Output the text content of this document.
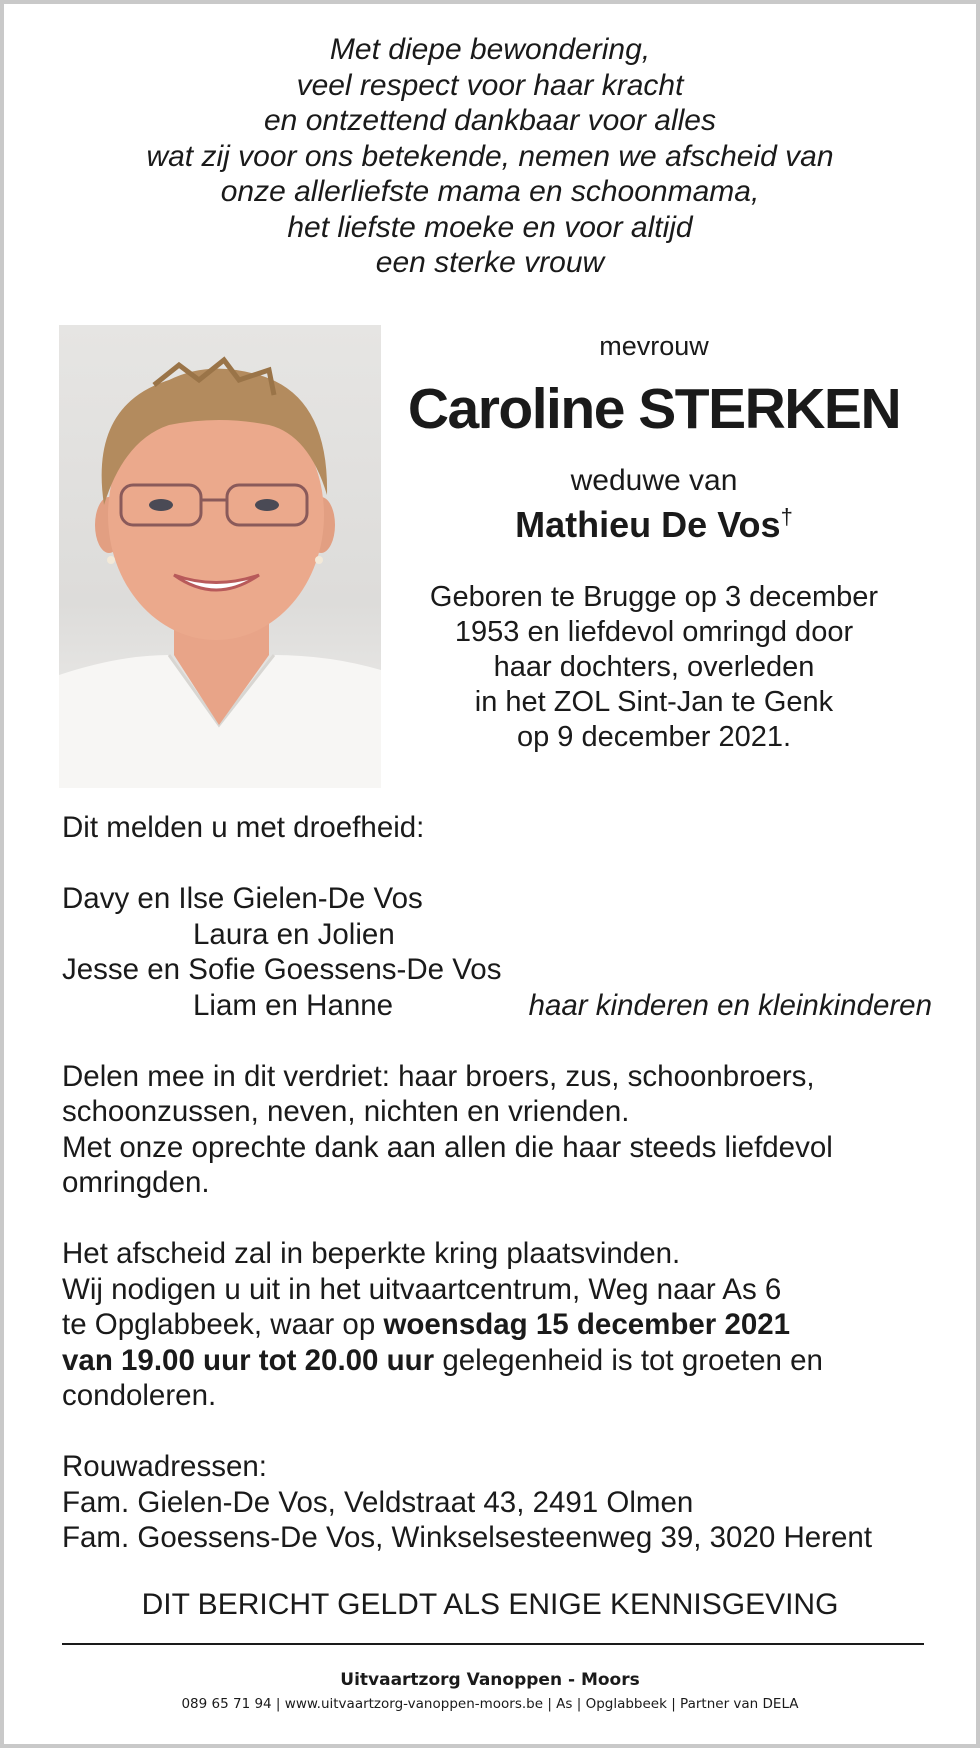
Met diepe bewondering,
veel respect voor haar kracht
en ontzettend dankbaar voor alles
wat zij voor ons betekende, nemen we afscheid van
onze allerliefste mama en schoonmama,
het liefste moeke en voor altijd
een sterke vrouw
mevrouw
Caroline STERKEN
weduwe van
Mathieu De Vos†
Geboren te Brugge op 3 december
1953 en liefdevol omringd door
haar dochters, overleden
in het ZOL Sint-Jan te Genk
op 9 december 2021.
Dit melden u met droefheid:
Davy en Ilse Gielen-De Vos
Laura en Jolien
Jesse en Sofie Goessens-De Vos
Liam en Hanne	haar kinderen en kleinkinderen
Delen mee in dit verdriet: haar broers, zus, schoonbroers,
schoonzussen, neven, nichten en vrienden.
Met onze oprechte dank aan allen die haar steeds liefdevol
omringden.
Het afscheid zal in beperkte kring plaatsvinden.
Wij nodigen u uit in het uitvaartcentrum, Weg naar As 6
te Opglabbeek, waar op woensdag 15 december 2021
van 19.00 uur tot 20.00 uur gelegenheid is tot groeten en
condoleren.
Rouwadressen:
Fam. Gielen-De Vos, Veldstraat 43, 2491 Olmen
Fam. Goessens-De Vos, Winkselsesteenweg 39, 3020 Herent
DIT BERICHT GELDT ALS ENIGE KENNISGEVING
Uitvaartzorg Vanoppen - Moors
089 65 71 94 | www.uitvaartzorg-vanoppen-moors.be | As | Opglabbeek | Partner van DELA
